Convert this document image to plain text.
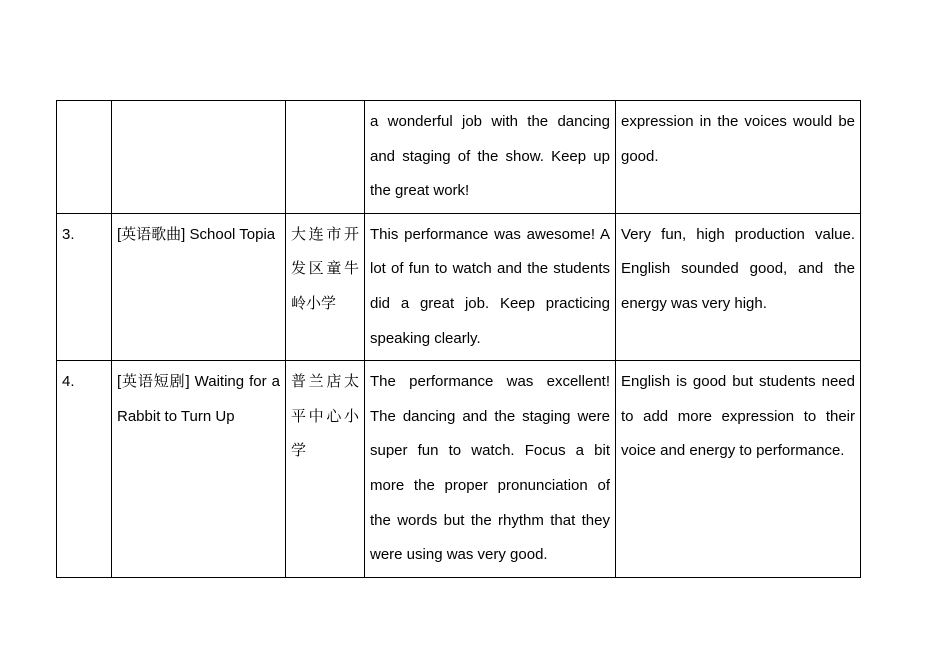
			a wonderful job with the dancing and staging of the show. Keep up the great work!	expression in the voices would be good.

3.	[英语歌曲] School Topia	大连市开发区童牛岭小学	This performance was awesome! A lot of fun to watch and the students did a great job. Keep practicing speaking clearly.	Very fun, high production value. English sounded good, and the energy was very high.

4.	[英语短剧] Waiting for a Rabbit to Turn Up	普兰店太平中心小学	The performance was excellent! The dancing and the staging were super fun to watch. Focus a bit more the proper pronunciation of the words but the rhythm that they were using was very good.	English is good but students need to add more expression to their voice and energy to performance.
